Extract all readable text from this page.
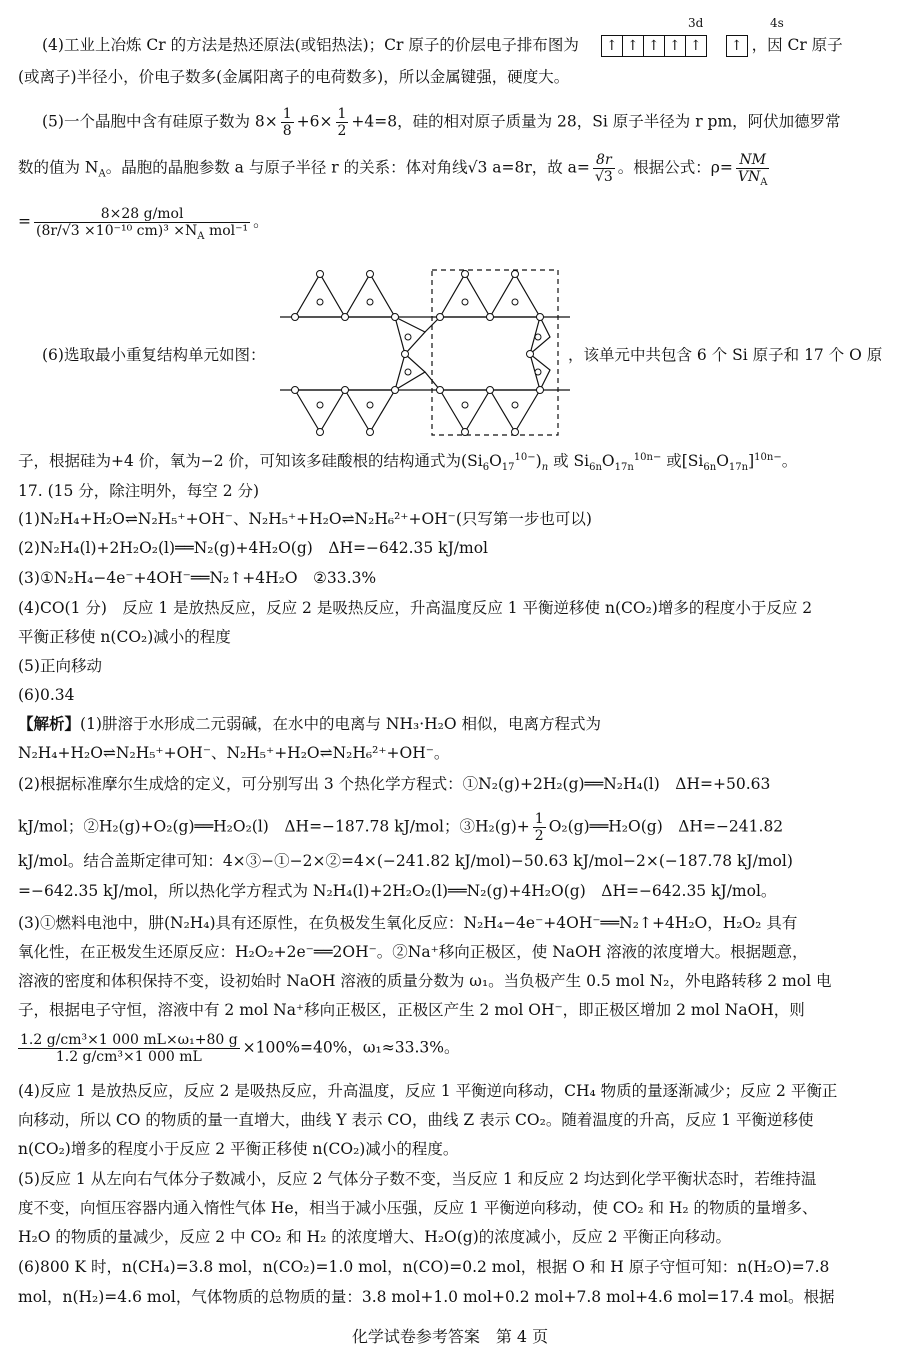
(4)工业上冶炼 Cr 的方法是热还原法(或铝热法)；Cr 原子的价层电子排布图为 ↑ ↑ ↑ ↑ ↑ ↑ ，因 Cr 原子
3d	4s
(或离子)半径小，价电子数多(金属阳离子的电荷数多)，所以金属键强，硬度大。
(5)一个晶胞中含有硅原子数为 $8\times \frac{1}{8} +6\times \frac{1}{2} +4=8$，硅的相对原子质量为 28，Si 原子半径为 r pm，阿伏加德罗常
数的值为 $N_A$。晶胞的晶胞参数 a 与原子半径 r 的关系：体对角线√3 a=8r，故 $a= \frac{8r}{√3}$ 。根据公式：$\rho= \frac{NM}{VN_A}$
= $\frac{\text{8×28 g/mol}}{(8r/√3 \times 10^{-10} cm)^3 \times N_A mol^{-1}}$ 。
(6)选取最小重复结构单元如图：	，该单元中共包含 6 个 Si 原子和 17 个 O 原
子，根据硅为+4 价，氧为−2 价，可知该多硅酸根的结构通式为$(Si_6O_{17}^{10-})_n$ 或 $Si_{6n}O_{17n}^{10n-}$ 或$[Si_{6n}O_{17n}]^{10n-}$。
17. (15 分，除注明外，每空 2 分)
(1)N₂H₄+H₂O⇌N₂H₅⁺+OH⁻、N₂H₅⁺+H₂O⇌N₂H₆²⁺+OH⁻(只写第一步也可以)
(2)N₂H₄(l)+2H₂O₂(l)══N₂(g)+4H₂O(g)　ΔH=−642.35 kJ/mol
(3)①N₂H₄−4e⁻+4OH⁻══N₂↑+4H₂O　②33.3%
(4)CO(1 分)　反应 1 是放热反应，反应 2 是吸热反应，升高温度反应 1 平衡逆移使 n(CO₂)增多的程度小于反应 2
平衡正移使 n(CO₂)减小的程度
(5)正向移动
(6)0.34
【解析】(1)肼溶于水形成二元弱碱，在水中的电离与 NH₃·H₂O 相似，电离方程式为
N₂H₄+H₂O⇌N₂H₅⁺+OH⁻、N₂H₅⁺+H₂O⇌N₂H₆²⁺+OH⁻。
(2)根据标准摩尔生成焓的定义，可分别写出 3 个热化学方程式：①N₂(g)+2H₂(g)══N₂H₄(l)　ΔH=+50.63
kJ/mol；②H₂(g)+O₂(g)══H₂O₂(l)　ΔH=−187.78 kJ/mol；③H₂(g)+ $\frac{1}{2}$ O₂(g)══H₂O(g)　ΔH=−241.82
kJ/mol。结合盖斯定律可知：4×③−①−2×②=4×(−241.82 kJ/mol)−50.63 kJ/mol−2×(−187.78 kJ/mol)
=−642.35 kJ/mol，所以热化学方程式为 N₂H₄(l)+2H₂O₂(l)══N₂(g)+4H₂O(g)　ΔH=−642.35 kJ/mol。
(3)①燃料电池中，肼(N₂H₄)具有还原性，在负极发生氧化反应：N₂H₄−4e⁻+4OH⁻══N₂↑+4H₂O，H₂O₂ 具有
氧化性，在正极发生还原反应：H₂O₂+2e⁻══2OH⁻。②Na⁺移向正极区，使 NaOH 溶液的浓度增大。根据题意，
溶液的密度和体积保持不变，设初始时 NaOH 溶液的质量分数为 ω₁。当负极产生 0.5 mol N₂，外电路转移 2 mol 电
子，根据电子守恒，溶液中有 2 mol Na⁺移向正极区，正极区产生 2 mol OH⁻，即正极区增加 2 mol NaOH，则
$\frac{\text{1.2 g/cm³×1 000 mL×ω₁+80 g}}{\text{1.2 g/cm³×1 000 mL}} \times 100\%=40\%$，ω₁≈33.3%。
(4)反应 1 是放热反应，反应 2 是吸热反应，升高温度，反应 1 平衡逆向移动，CH₄ 物质的量逐渐减少；反应 2 平衡正
向移动，所以 CO 的物质的量一直增大，曲线 Y 表示 CO，曲线 Z 表示 CO₂。随着温度的升高，反应 1 平衡逆移使
n(CO₂)增多的程度小于反应 2 平衡正移使 n(CO₂)减小的程度。
(5)反应 1 从左向右气体分子数减小，反应 2 气体分子数不变，当反应 1 和反应 2 均达到化学平衡状态时，若维持温
度不变，向恒压容器内通入惰性气体 He，相当于减小压强，反应 1 平衡逆向移动，使 CO₂ 和 H₂ 的物质的量增多、
H₂O 的物质的量减少，反应 2 中 CO₂ 和 H₂ 的浓度增大、H₂O(g)的浓度减小，反应 2 平衡正向移动。
(6)800 K 时，n(CH₄)=3.8 mol，n(CO₂)=1.0 mol，n(CO)=0.2 mol，根据 O 和 H 原子守恒可知：n(H₂O)=7.8
mol，n(H₂)=4.6 mol，气体物质的总物质的量：3.8 mol+1.0 mol+0.2 mol+7.8 mol+4.6 mol=17.4 mol。根据
化学试卷参考答案　第 4 页
